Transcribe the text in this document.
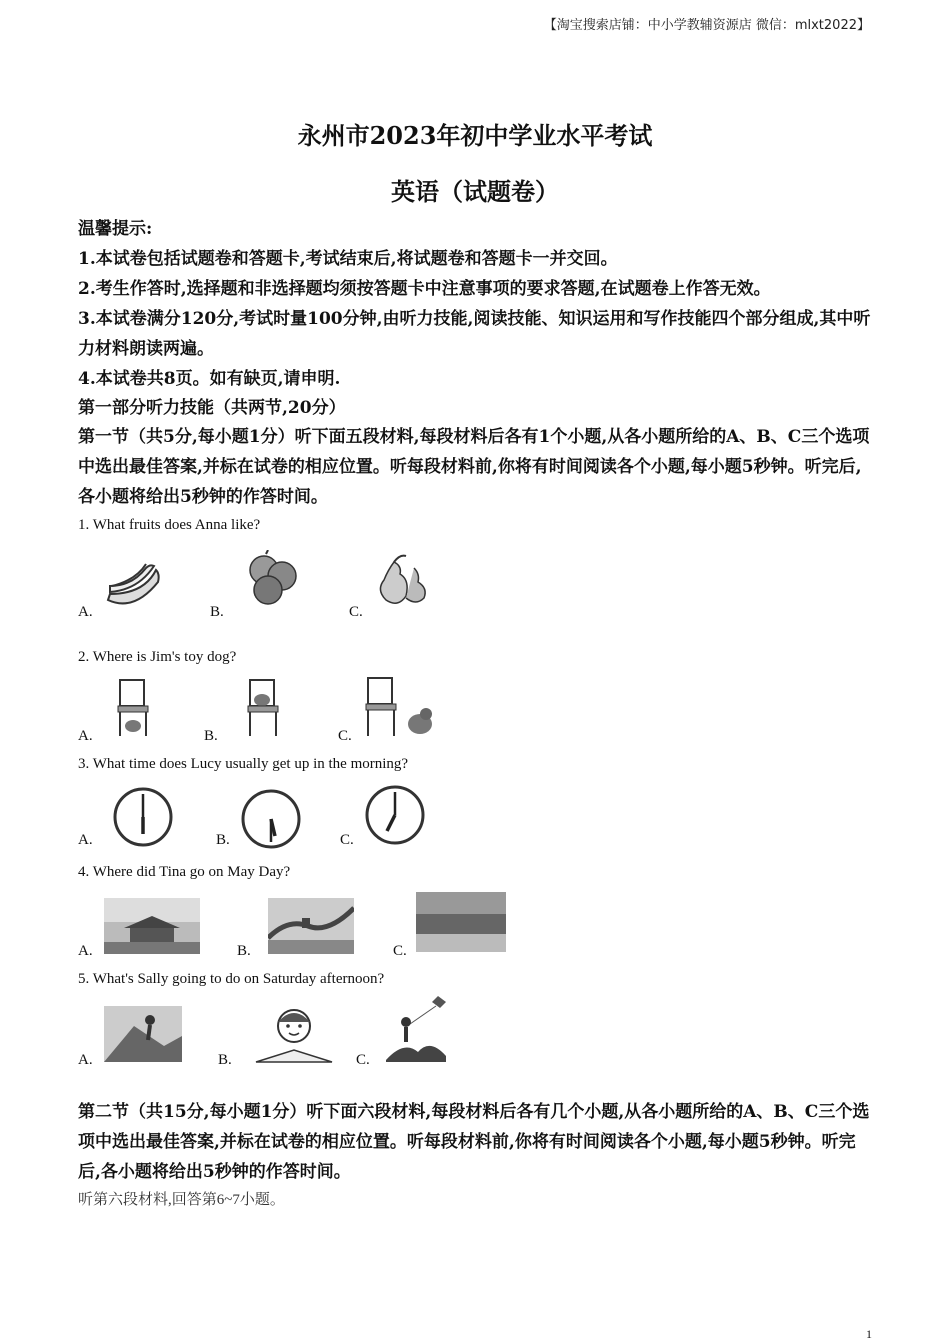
【淘宝搜索店铺：中小学教辅资源店 微信：mlxt2022】
永州市2023年初中学业水平考试
英语（试题卷）
温馨提示:
1.本试卷包括试题卷和答题卡,考试结束后,将试题卷和答题卡一并交回。
2.考生作答时,选择题和非选择题均须按答题卡中注意事项的要求答题,在试题卷上作答无效。
3.本试卷满分120分,考试时量100分钟,由听力技能,阅读技能、知识运用和写作技能四个部分组成,其中听力材料朗读两遍。
4.本试卷共8页。如有缺页,请申明.
第一部分听力技能（共两节,20分）
第一节（共5分,每小题1分）听下面五段材料,每段材料后各有1个小题,从各小题所给的A、B、C三个选项中选出最佳答案,并标在试卷的相应位置。听每段材料前,你将有时间阅读各个小题,每小题5秒钟。听完后,各小题将给出5秒钟的作答时间。
1. What fruits does Anna like?
A.	B.	C.
2. Where is Jim's toy dog?
A.	B.	C.
3. What time does Lucy usually get up in the morning?
A.	B.	C.
4. Where did Tina go on May Day?
A.	B.	C.
5. What's Sally going to do on Saturday afternoon?
A.	B.	C.
第二节（共15分,每小题1分）听下面六段材料,每段材料后各有几个小题,从各小题所给的A、B、C三个选项中选出最佳答案,并标在试卷的相应位置。听每段材料前,你将有时间阅读各个小题,每小题5秒钟。听完后,各小题将给出5秒钟的作答时间。
听第六段材料,回答第6~7小题。
1
